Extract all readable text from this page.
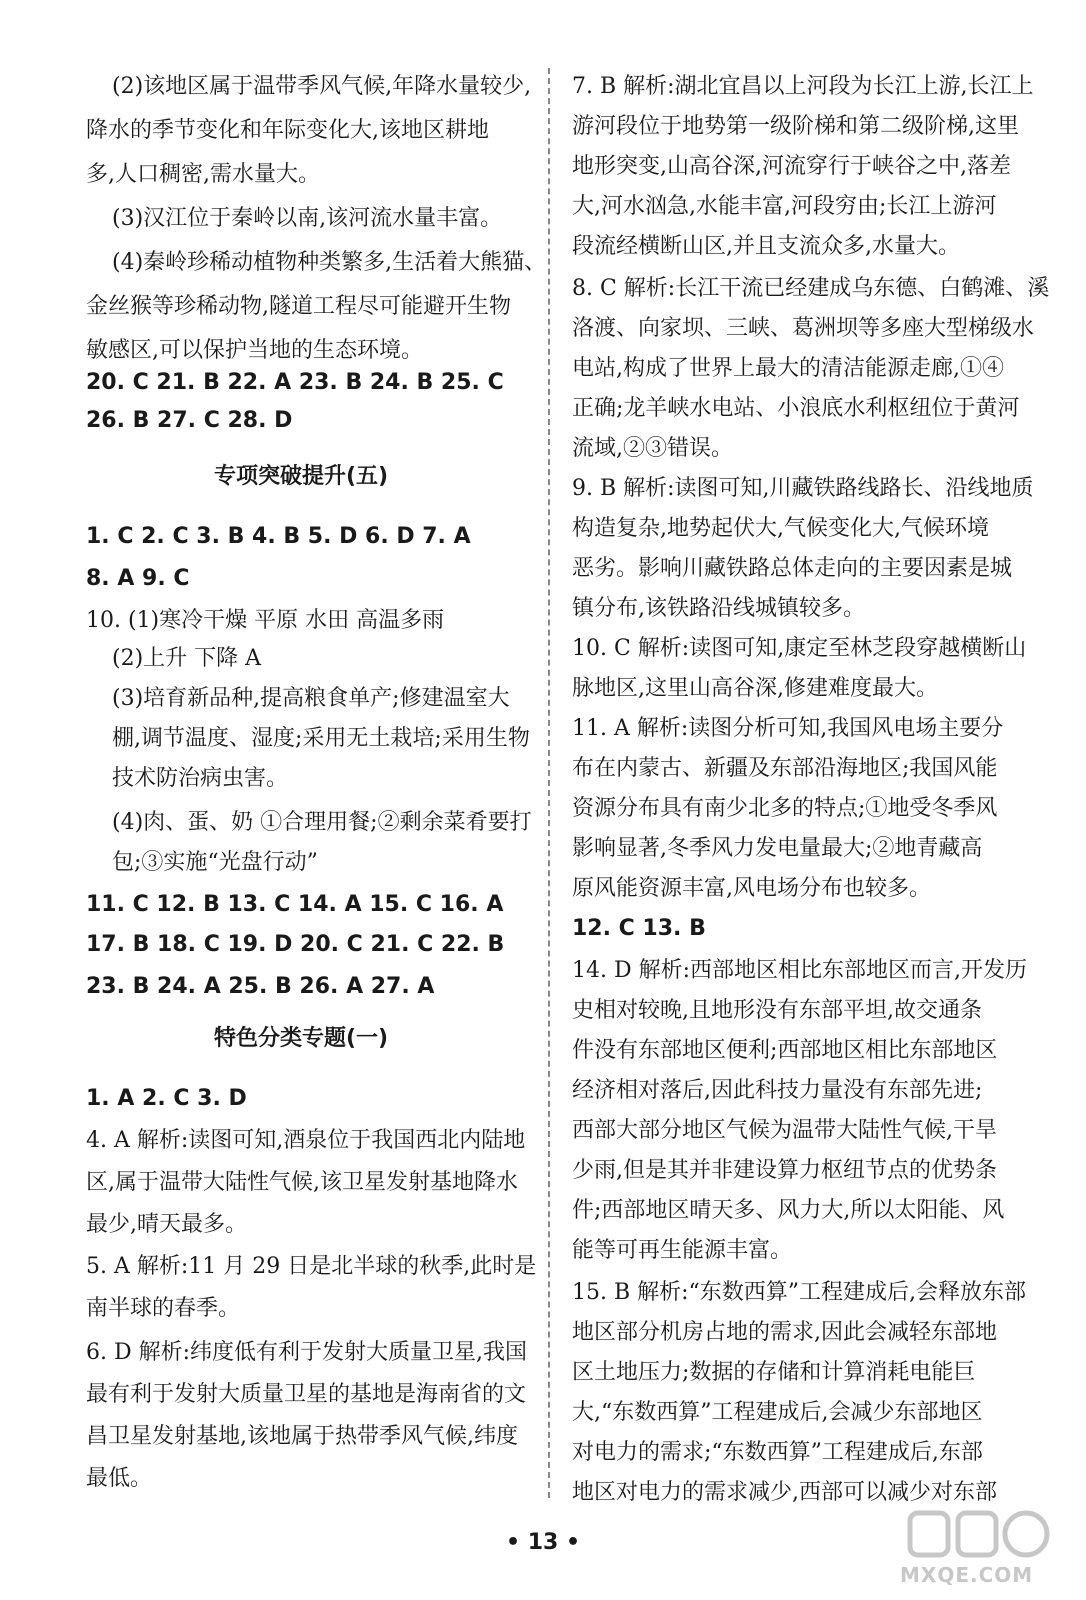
(2)该地区属于温带季风气候,年降水量较少,
降水的季节变化和年际变化大,该地区耕地
多,人口稠密,需水量大。
(3)汉江位于秦岭以南,该河流水量丰富。
(4)秦岭珍稀动植物种类繁多,生活着大熊猫、
金丝猴等珍稀动物,隧道工程尽可能避开生物
敏感区,可以保护当地的生态环境。
20. C 21. B 22. A 23. B 24. B 25. C
26. B 27. C 28. D
专项突破提升(五)
1. C 2. C 3. B 4. B 5. D 6. D 7. A
8. A 9. C
10. (1)寒冷干燥 平原 水田 高温多雨
(2)上升 下降 A
(3)培育新品种,提高粮食单产;修建温室大
棚,调节温度、湿度;采用无土栽培;采用生物
技术防治病虫害。
(4)肉、蛋、奶 ①合理用餐;②剩余菜肴要打
包;③实施“光盘行动”
11. C 12. B 13. C 14. A 15. C 16. A
17. B 18. C 19. D 20. C 21. C 22. B
23. B 24. A 25. B 26. A 27. A
特色分类专题(一)
1. A 2. C 3. D
4. A 解析:读图可知,酒泉位于我国西北内陆地
区,属于温带大陆性气候,该卫星发射基地降水
最少,晴天最多。
5. A 解析:11 月 29 日是北半球的秋季,此时是
南半球的春季。
6. D 解析:纬度低有利于发射大质量卫星,我国
最有利于发射大质量卫星的基地是海南省的文
昌卫星发射基地,该地属于热带季风气候,纬度
最低。
7. B 解析:湖北宜昌以上河段为长江上游,长江上
游河段位于地势第一级阶梯和第二级阶梯,这里
地形突变,山高谷深,河流穿行于峡谷之中,落差
大,河水汹急,水能丰富,河段穷由;长江上游河
段流经横断山区,并且支流众多,水量大。
8. C 解析:长江干流已经建成乌东德、白鹤滩、溪
洛渡、向家坝、三峡、葛洲坝等多座大型梯级水
电站,构成了世界上最大的清洁能源走廊,①④
正确;龙羊峡水电站、小浪底水利枢纽位于黄河
流域,②③错误。
9. B 解析:读图可知,川藏铁路线路长、沿线地质
构造复杂,地势起伏大,气候变化大,气候环境
恶劣。影响川藏铁路总体走向的主要因素是城
镇分布,该铁路沿线城镇较多。
10. C 解析:读图可知,康定至林芝段穿越横断山
脉地区,这里山高谷深,修建难度最大。
11. A 解析:读图分析可知,我国风电场主要分
布在内蒙古、新疆及东部沿海地区;我国风能
资源分布具有南少北多的特点;①地受冬季风
影响显著,冬季风力发电量最大;②地青藏高
原风能资源丰富,风电场分布也较多。
12. C 13. B
14. D 解析:西部地区相比东部地区而言,开发历
史相对较晚,且地形没有东部平坦,故交通条
件没有东部地区便利;西部地区相比东部地区
经济相对落后,因此科技力量没有东部先进;
西部大部分地区气候为温带大陆性气候,干旱
少雨,但是其并非建设算力枢纽节点的优势条
件;西部地区晴天多、风力大,所以太阳能、风
能等可再生能源丰富。
15. B 解析:“东数西算”工程建成后,会释放东部
地区部分机房占地的需求,因此会减轻东部地
区土地压力;数据的存储和计算消耗电能巨
大,“东数西算”工程建成后,会减少东部地区
对电力的需求;“东数西算”工程建成后,东部
地区对电力的需求减少,西部可以减少对东部
• 13 •
MXQE.COM
